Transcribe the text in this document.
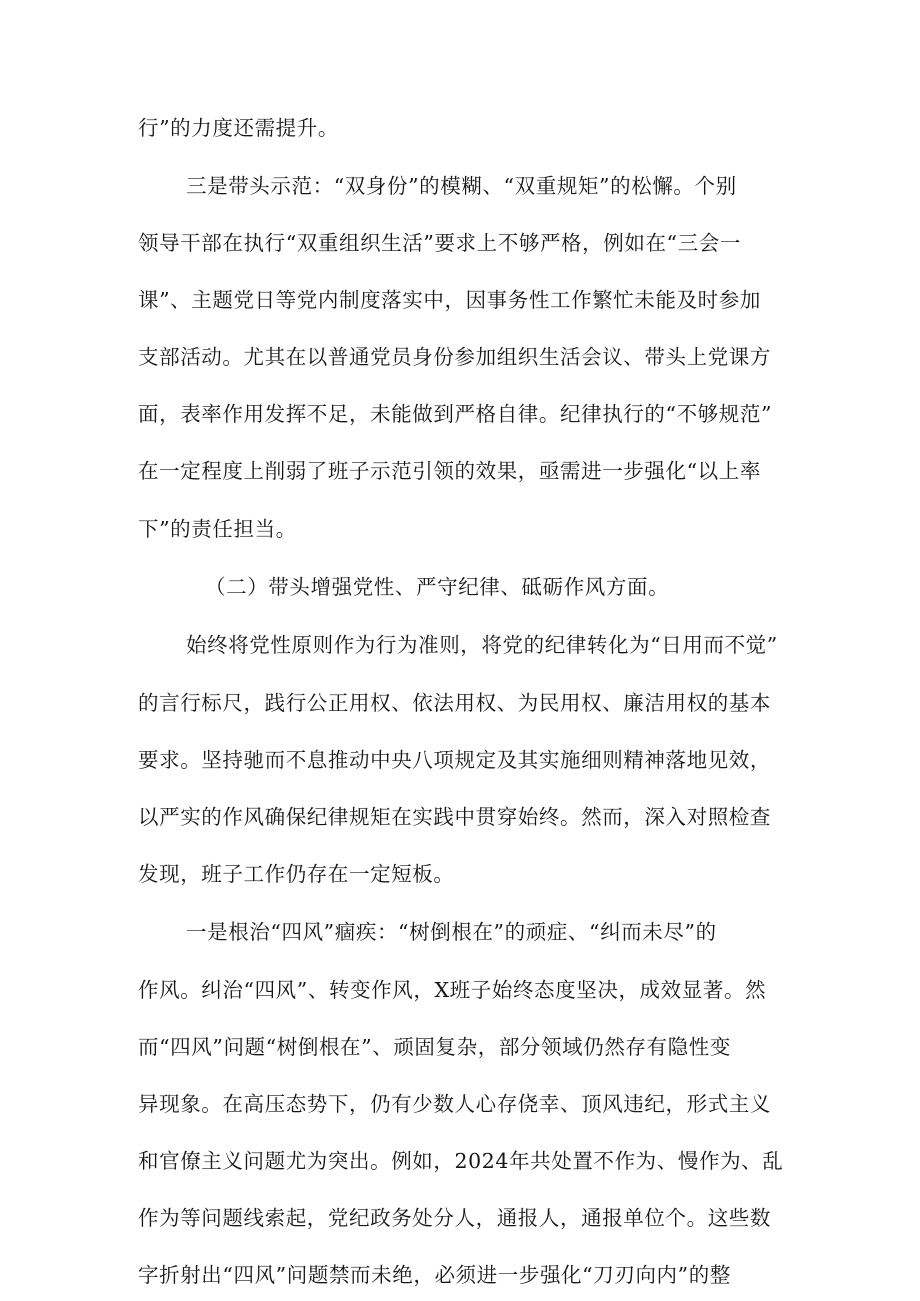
行”的力度还需提升。
三是带头示范：“双身份”的模糊、“双重规矩”的松懈。个别
领导干部在执行“双重组织生活”要求上不够严格，例如在“三会一
课”、主题党日等党内制度落实中，因事务性工作繁忙未能及时参加
支部活动。尤其在以普通党员身份参加组织生活会议、带头上党课方
面，表率作用发挥不足，未能做到严格自律。纪律执行的“不够规范”
在一定程度上削弱了班子示范引领的效果，亟需进一步强化“以上率
下”的责任担当。
（二）带头增强党性、严守纪律、砥砺作风方面。
始终将党性原则作为行为准则，将党的纪律转化为“日用而不觉”
的言行标尺，践行公正用权、依法用权、为民用权、廉洁用权的基本
要求。坚持驰而不息推动中央八项规定及其实施细则精神落地见效，
以严实的作风确保纪律规矩在实践中贯穿始终。然而，深入对照检查
发现，班子工作仍存在一定短板。
一是根治“四风”痼疾：“树倒根在”的顽症、“纠而未尽”的
作风。纠治“四风”、转变作风，X班子始终态度坚决，成效显著。然
而“四风”问题“树倒根在”、顽固复杂，部分领域仍然存有隐性变
异现象。在高压态势下，仍有少数人心存侥幸、顶风违纪，形式主义
和官僚主义问题尤为突出。例如，2024年共处置不作为、慢作为、乱
作为等问题线索起，党纪政务处分人，通报人，通报单位个。这些数
字折射出“四风”问题禁而未绝，必须进一步强化“刀刃向内”的整
